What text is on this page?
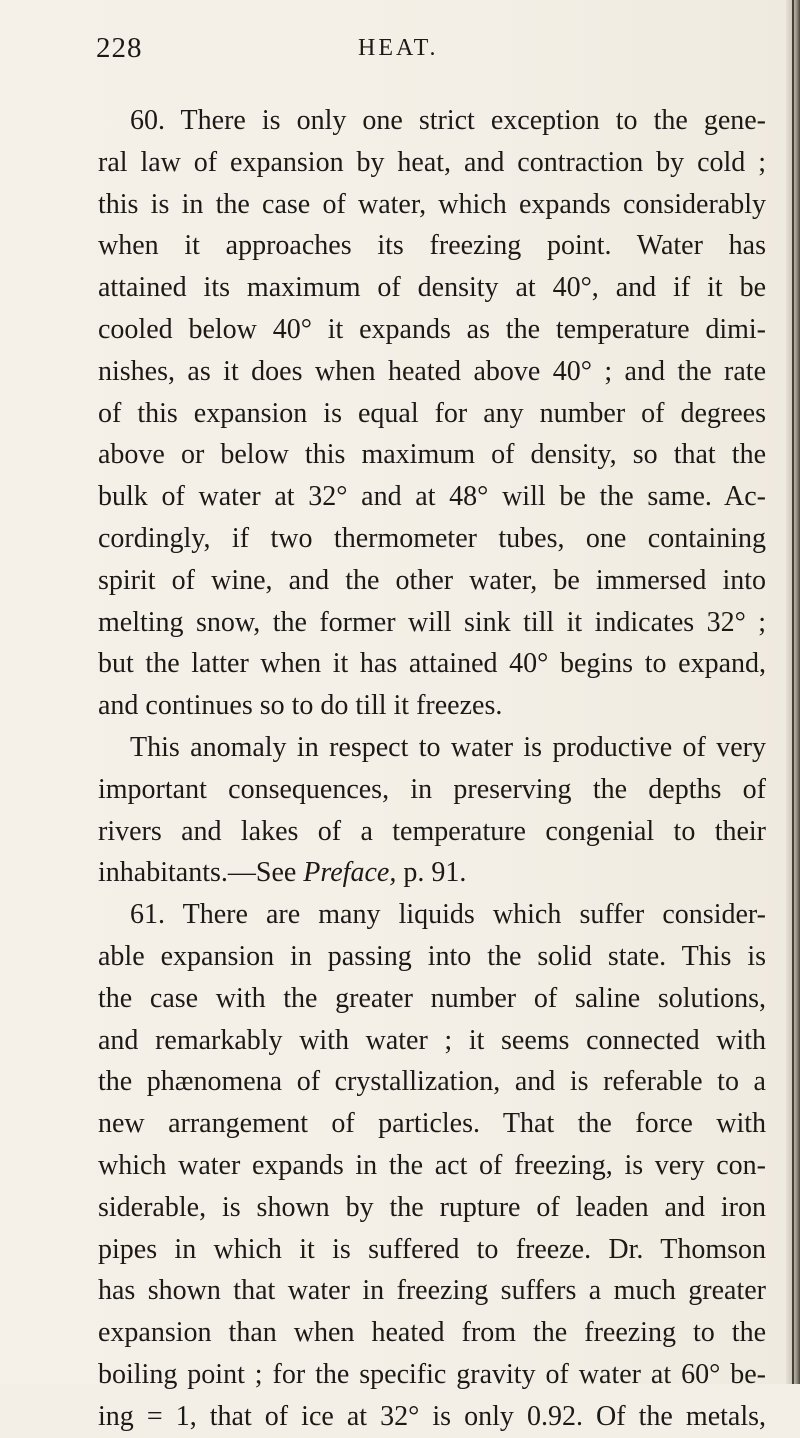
228	HEAT.
60. There is only one strict exception to the gene-
ral law of expansion by heat, and contraction by cold ;
this is in the case of water, which expands considerably
when it approaches its freezing point. Water has
attained its maximum of density at 40°, and if it be
cooled below 40° it expands as the temperature dimi-
nishes, as it does when heated above 40° ; and the rate
of this expansion is equal for any number of degrees
above or below this maximum of density, so that the
bulk of water at 32° and at 48° will be the same. Ac-
cordingly, if two thermometer tubes, one containing
spirit of wine, and the other water, be immersed into
melting snow, the former will sink till it indicates 32° ;
but the latter when it has attained 40° begins to expand,
and continues so to do till it freezes.
This anomaly in respect to water is productive of very
important consequences, in preserving the depths of
rivers and lakes of a temperature congenial to their
inhabitants.—See Preface, p. 91.
61. There are many liquids which suffer consider-
able expansion in passing into the solid state. This is
the case with the greater number of saline solutions,
and remarkably with water ; it seems connected with
the phænomena of crystallization, and is referable to a
new arrangement of particles. That the force with
which water expands in the act of freezing, is very con-
siderable, is shown by the rupture of leaden and iron
pipes in which it is suffered to freeze. Dr. Thomson
has shown that water in freezing suffers a much greater
expansion than when heated from the freezing to the
boiling point ; for the specific gravity of water at 60° be-
ing = 1, that of ice at 32° is only 0.92. Of the metals,
